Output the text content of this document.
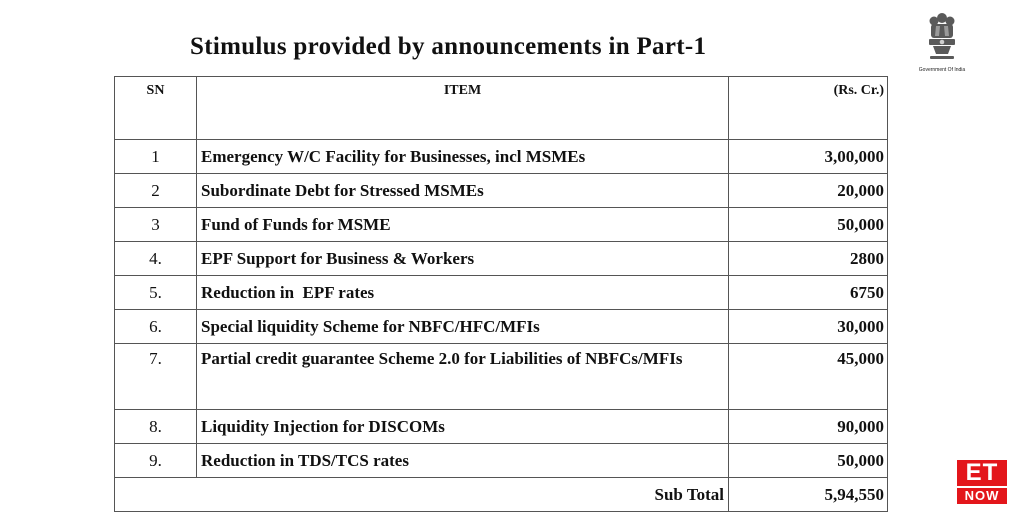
Stimulus provided by announcements in Part-1
Government Of India
SN	ITEM	(Rs. Cr.)
1	Emergency W/C Facility for Businesses, incl MSMEs	3,00,000
2	Subordinate Debt for Stressed MSMEs	20,000
3	Fund of Funds for MSME	50,000
4.	EPF Support for Business & Workers	2800
5.	Reduction in  EPF rates	6750
6.	Special liquidity Scheme for NBFC/HFC/MFIs	30,000
7.	Partial credit guarantee Scheme 2.0 for Liabilities of NBFCs/MFIs	45,000
8.	Liquidity Injection for DISCOMs	90,000
9.	Reduction in TDS/TCS rates	50,000
Sub Total		5,94,550
ET
NOW
